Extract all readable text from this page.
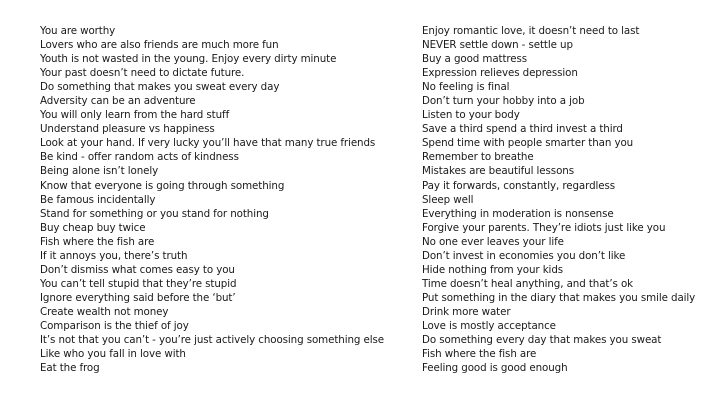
You are worthy
Lovers who are also friends are much more fun
Youth is not wasted in the young. Enjoy every dirty minute
Your past doesn’t need to dictate future.
Do something that makes you sweat every day
Adversity can be an adventure
You will only learn from the hard stuff
Understand pleasure vs happiness
Look at your hand. If very lucky you’ll have that many true friends
Be kind - offer random acts of kindness
Being alone isn’t lonely
Know that everyone is going through something
Be famous incidentally
Stand for something or you stand for nothing
Buy cheap buy twice
Fish where the fish are
If it annoys you, there’s truth
Don’t dismiss what comes easy to you
You can’t tell stupid that they’re stupid
Ignore everything said before the ‘but’
Create wealth not money
Comparison is the thief of joy
It’s not that you can’t - you’re just actively choosing something else
Like who you fall in love with
Eat the frog
Enjoy romantic love, it doesn’t need to last
NEVER settle down - settle up
Buy a good mattress
Expression relieves depression
No feeling is final
Don’t turn your hobby into a job
Listen to your body
Save a third spend a third invest a third
Spend time with people smarter than you
Remember to breathe
Mistakes are beautiful lessons
Pay it forwards, constantly, regardless
Sleep well
Everything in moderation is nonsense
Forgive your parents. They’re idiots just like you
No one ever leaves your life
Don’t invest in economies you don’t like
Hide nothing from your kids
Time doesn’t heal anything, and that’s ok
Put something in the diary that makes you smile daily
Drink more water
Love is mostly acceptance
Do something every day that makes you sweat
Fish where the fish are
Feeling good is good enough
